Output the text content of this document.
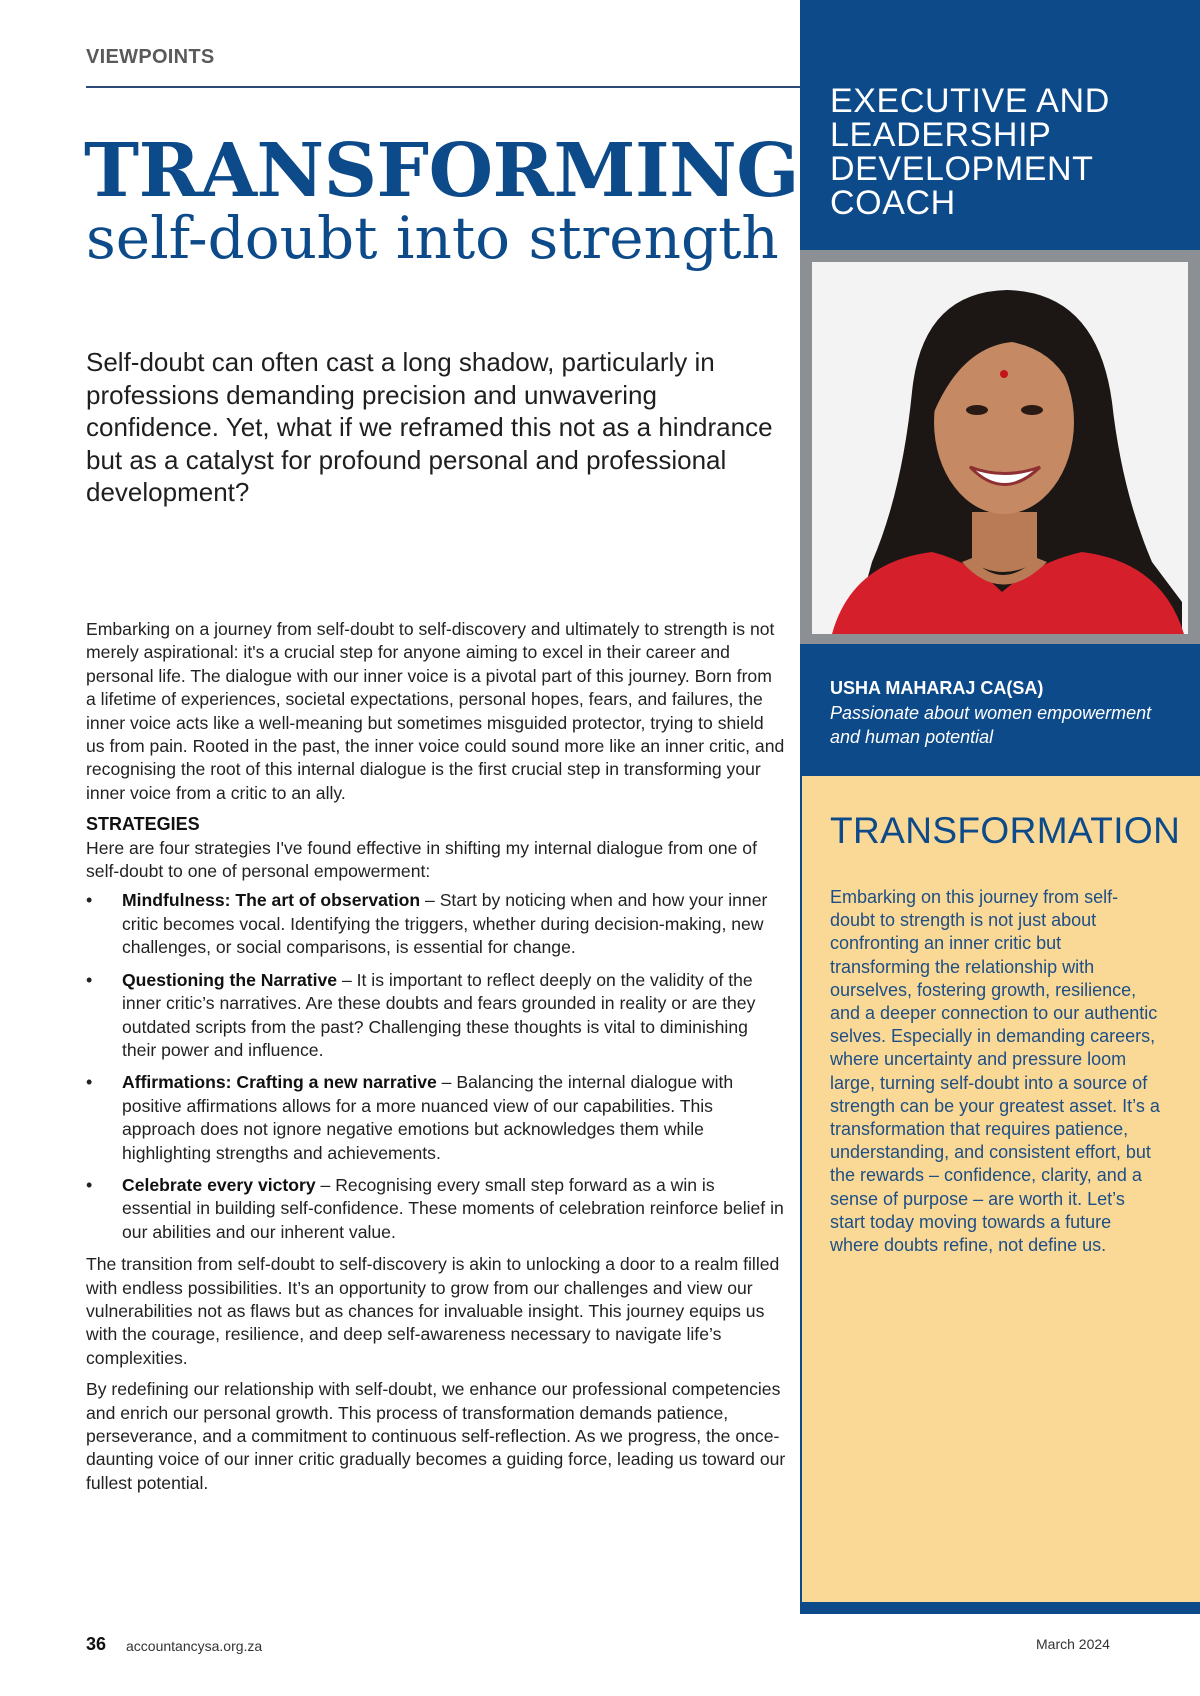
VIEWPOINTS
TRANSFORMING
self-doubt into strength
Self-doubt can often cast a long shadow, particularly in professions demanding precision and unwavering confidence. Yet, what if we reframed this not as a hindrance but as a catalyst for profound personal and professional development?

Embarking on a journey from self-doubt to self-discovery and ultimately to strength is not merely aspirational: it's a crucial step for anyone aiming to excel in their career and personal life. The dialogue with our inner voice is a pivotal part of this journey. Born from a lifetime of experiences, societal expectations, personal hopes, fears, and failures, the inner voice acts like a well-meaning but sometimes misguided protector, trying to shield us from pain. Rooted in the past, the inner voice could sound more like an inner critic, and recognising the root of this internal dialogue is the first crucial step in transforming your inner voice from a critic to an ally.

STRATEGIES

Here are four strategies I've found effective in shifting my internal dialogue from one of self-doubt to one of personal empowerment:

• Mindfulness: The art of observation – Start by noticing when and how your inner critic becomes vocal. Identifying the triggers, whether during decision-making, new challenges, or social comparisons, is essential for change.
• Questioning the Narrative – It is important to reflect deeply on the validity of the inner critic’s narratives. Are these doubts and fears grounded in reality or are they outdated scripts from the past? Challenging these thoughts is vital to diminishing their power and influence.
• Affirmations: Crafting a new narrative – Balancing the internal dialogue with positive affirmations allows for a more nuanced view of our capabilities. This approach does not ignore negative emotions but acknowledges them while highlighting strengths and achievements.
• Celebrate every victory – Recognising every small step forward as a win is essential in building self-confidence. These moments of celebration reinforce belief in our abilities and our inherent value.

The transition from self-doubt to self-discovery is akin to unlocking a door to a realm filled with endless possibilities. It’s an opportunity to grow from our challenges and view our vulnerabilities not as flaws but as chances for invaluable insight. This journey equips us with the courage, resilience, and deep self-awareness necessary to navigate life’s complexities.

By redefining our relationship with self-doubt, we enhance our professional competencies and enrich our personal growth. This process of transformation demands patience, perseverance, and a commitment to continuous self-reflection. As we progress, the once-daunting voice of our inner critic gradually becomes a guiding force, leading us toward our fullest potential.

EXECUTIVE AND LEADERSHIP DEVELOPMENT COACH
USHA MAHARAJ CA(SA)
Passionate about women empowerment and human potential
TRANSFORMATION
Embarking on this journey from self-doubt to strength is not just about confronting an inner critic but transforming the relationship with ourselves, fostering growth, resilience, and a deeper connection to our authentic selves. Especially in demanding careers, where uncertainty and pressure loom large, turning self-doubt into a source of strength can be your greatest asset. It’s a transformation that requires patience, understanding, and consistent effort, but the rewards – confidence, clarity, and a sense of purpose – are worth it. Let’s start today moving towards a future where doubts refine, not define us.
36 accountancysa.org.za	March 2024
